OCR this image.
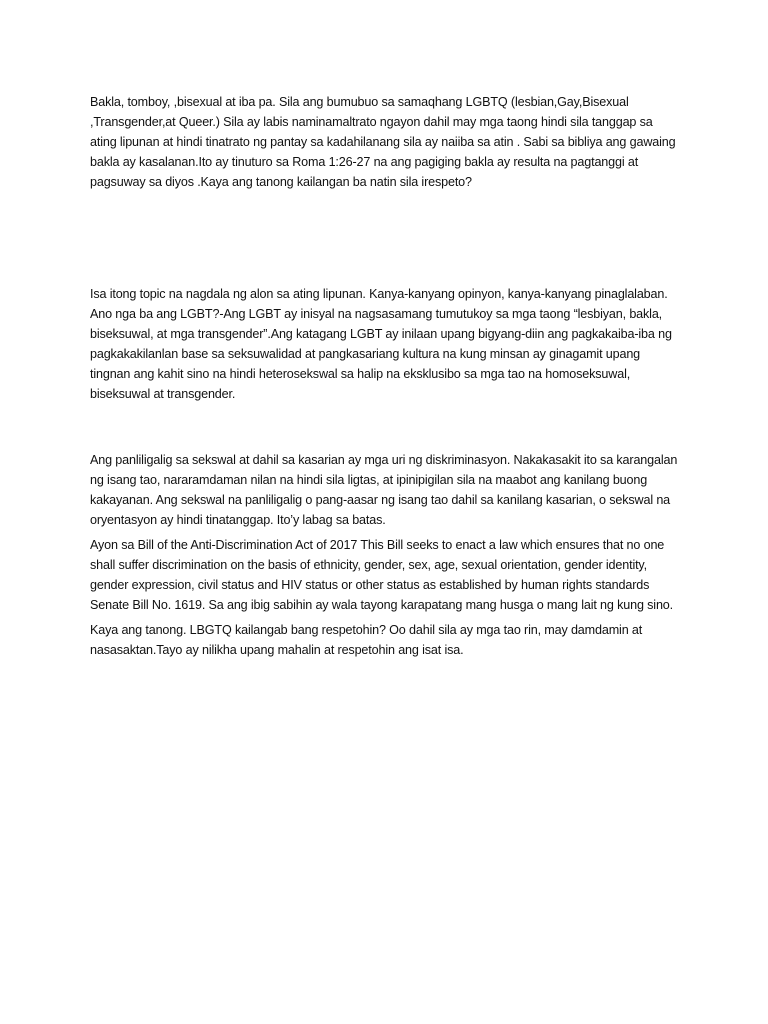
Bakla, tomboy, ,bisexual at iba pa. Sila ang bumubuo sa samaqhang LGBTQ (lesbian,Gay,Bisexual ,Transgender,at Queer.) Sila ay labis naminamaltrato ngayon dahil may mga taong hindi sila tanggap sa ating lipunan at hindi tinatrato ng pantay sa kadahilanang sila ay naiiba sa atin . Sabi sa bibliya ang gawaing bakla ay kasalanan.Ito ay tinuturo sa Roma 1:26-27 na ang pagiging bakla ay resulta na pagtanggi at pagsuway sa diyos .Kaya ang tanong kailangan ba natin sila irespeto?

Isa itong topic na nagdala ng alon sa ating lipunan. Kanya-kanyang opinyon, kanya-kanyang pinaglalaban. Ano nga ba ang LGBT?-Ang LGBT ay inisyal na nagsasamang tumutukoy sa mga taong “lesbiyan, bakla, biseksuwal, at mga transgender”.Ang katagang LGBT ay inilaan upang bigyang-diin ang pagkakaiba-iba ng pagkakakilanlan base sa seksuwalidad at pangkasariang kultura na kung minsan ay ginagamit upang tingnan ang kahit sino na hindi heterosekswal sa halip na eksklusibo sa mga tao na homoseksuwal, biseksuwal at transgender.

Ang panliligalig sa sekswal at dahil sa kasarian ay mga uri ng diskriminasyon. Nakakasakit ito sa karangalan ng isang tao, nararamdaman nilan na hindi sila ligtas, at ipinipigilan sila na maabot ang kanilang buong kakayanan. Ang sekswal na panliligalig o pang-aasar ng isang tao dahil sa kanilang kasarian, o sekswal na oryentasyon ay hindi tinatanggap. Ito’y labag sa batas.

Ayon sa Bill of the Anti-Discrimination Act of 2017 This Bill seeks to enact a law which ensures that no one shall suffer discrimination on the basis of ethnicity, gender, sex, age, sexual orientation, gender identity, gender expression, civil status and HIV status or other status as established by human rights standards Senate Bill No. 1619. Sa ang ibig sabihin ay wala tayong karapatang mang husga o mang lait ng kung sino.

Kaya ang tanong. LBGTQ kailangab bang respetohin? Oo dahil sila ay mga tao rin, may damdamin at nasasaktan.Tayo ay nilikha upang mahalin at respetohin ang isat isa.
